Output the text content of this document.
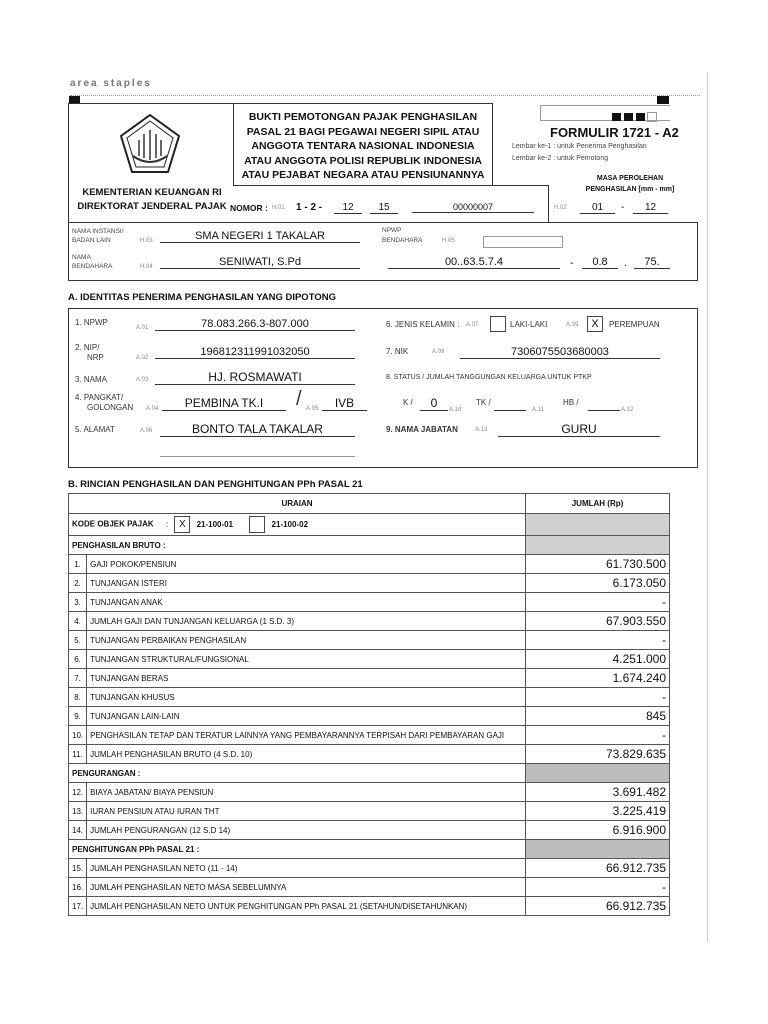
area staples
KEMENTERIAN KEUANGAN RI
DIREKTORAT JENDERAL PAJAK
BUKTI PEMOTONGAN PAJAK PENGHASILAN
PASAL 21 BAGI PEGAWAI NEGERI SIPIL ATAU
ANGGOTA TENTARA NASIONAL INDONESIA
ATAU ANGGOTA POLISI REPUBLIK INDONESIA
ATAU PEJABAT NEGARA ATAU PENSIUNANNYA
NOMOR : H.01 1 - 2 -	12	15	00000007
FORMULIR 1721 - A2
Lembar ke-1 : untuk Penerima Penghasilan
Lembar ke-2 : untuk Pemotong
MASA PEROLEHAN
PENGHASILAN [mm - mm]
H.02	01	-	12
NAMA INSTANSI/
BADAN LAIN	H.03	SMA NEGERI 1 TAKALAR
NAMA
BENDAHARA	H.04	SENIWATI, S.Pd
NPWP
BENDAHARA	H.05
00..63.5.7.4	-	0.8	.	75.
A. IDENTITAS PENERIMA PENGHASILAN YANG DIPOTONG
1. NPWP
A.01	78.083.266.3-807.000
2. NIP/
NRP	A.02	196812311991032050
3. NAMA	A.03	HJ. ROSMAWATI
4. PANGKAT/
GOLONGAN A.04	PEMBINA TK.I	/ A.05	IVB
5. ALAMAT	A.06	BONTO TALA TAKALAR
6. JENIS KELAMIN : A.07	LAKI-LAKI	A.09	X	PEREMPUAN
7. NIK	A.09	7306075503680003
8. STATUS / JUMLAH TANGGUNGAN KELUARGA UNTUK PTKP
K /	0	A.10
TK /
A.11
HB /
A.12
9. NAMA JABATAN	A.13	GURU
B. RINCIAN PENGHASILAN DAN PENGHITUNGAN PPh PASAL 21
URAIAN		JUMLAH (Rp)
KODE OBJEK PAJAK : X 21-100-01 21-100-02		
PENGHASILAN BRUTO :		
1.	GAJI POKOK/PENSIUN	61.730.500
2.	TUNJANGAN ISTERI	6.173.050
3.	TUNJANGAN ANAK	-
4.	JUMLAH GAJI DAN TUNJANGAN KELUARGA (1 S.D. 3)	67.903.550
5.	TUNJANGAN PERBAIKAN PENGHASILAN	-
6.	TUNJANGAN STRUKTURAL/FUNGSIONAL	4.251.000
7.	TUNJANGAN BERAS	1.674.240
8.	TUNJANGAN KHUSUS	-
9.	TUNJANGAN LAIN-LAIN	845
10.	PENGHASILAN TETAP DAN TERATUR LAINNYA YANG PEMBAYARANNYA TERPISAH DARI PEMBAYARAN GAJI	-
11.	JUMLAH PENGHASILAN BRUTO (4 S.D. 10)	73.829.635
PENGURANGAN :		
12.	BIAYA JABATAN/ BIAYA PENSIUN	3.691.482
13.	IURAN PENSIUN ATAU IURAN THT	3.225.419
14.	JUMLAH PENGURANGAN (12 S.D 14)	6.916.900
PENGHITUNGAN PPh PASAL 21 :		
15.	JUMLAH PENGHASILAN NETO (11 - 14)	66.912.735
16.	JUMLAH PENGHASILAN NETO MASA SEBELUMNYA	-
17.	JUMLAH PENGHASILAN NETO UNTUK PENGHITUNGAN PPh PASAL 21 (SETAHUN/DISETAHUNKAN)	66.912.735
